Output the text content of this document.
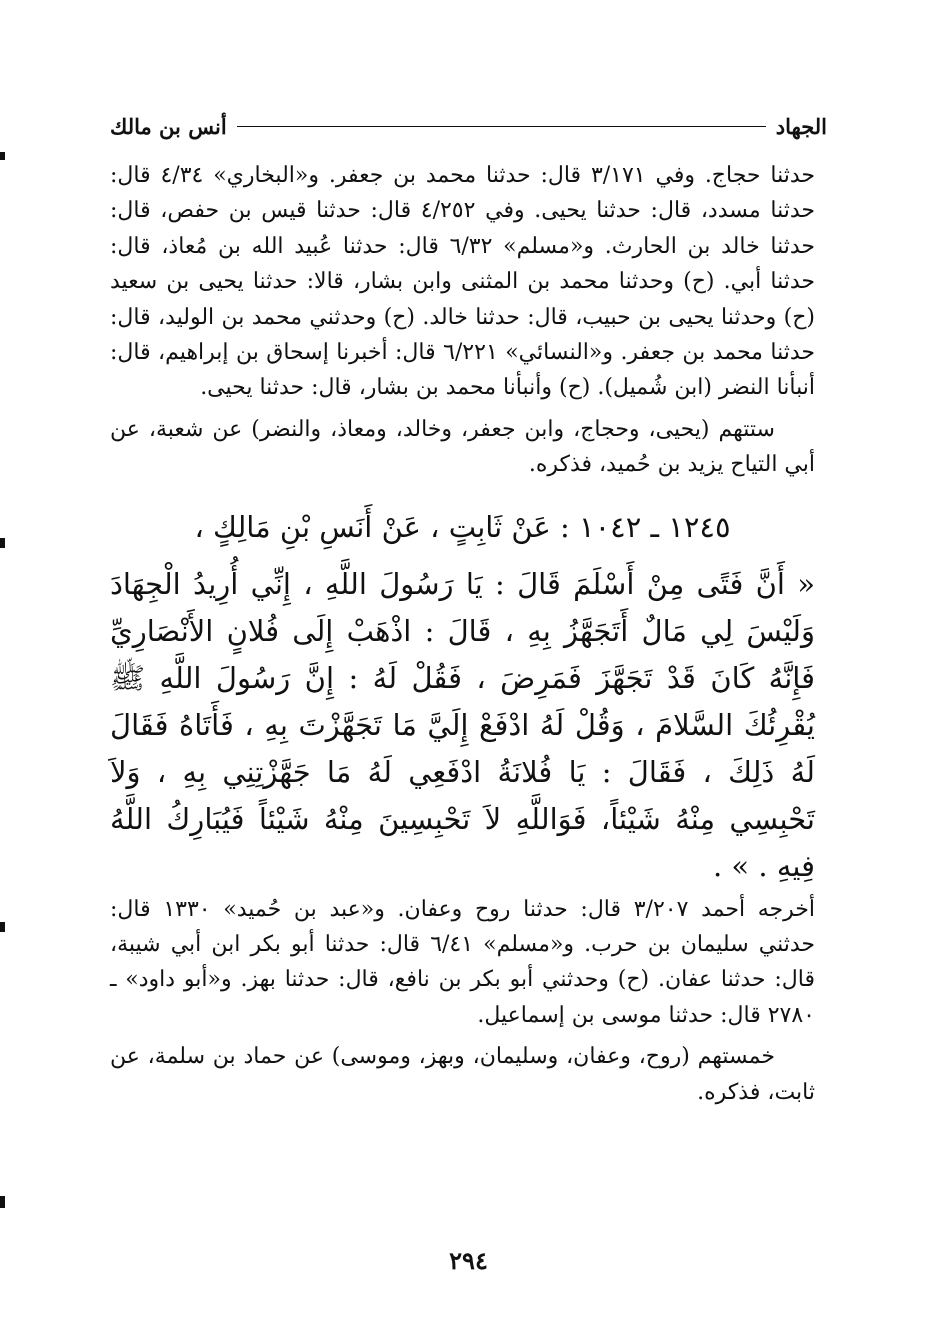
الجهاد
أنس بن مالك

حدثنا حجاج. وفي ٣/١٧١ قال: حدثنا محمد بن جعفر. و«البخاري» ٤/٣٤ قال: حدثنا مسدد، قال: حدثنا يحيى. وفي ٤/٢٥٢ قال: حدثنا قيس بن حفص، قال: حدثنا خالد بن الحارث. و«مسلم» ٦/٣٢ قال: حدثنا عُبيد الله بن مُعاذ، قال: حدثنا أبي. (ح) وحدثنا محمد بن المثنى وابن بشار، قالا: حدثنا يحيى بن سعيد (ح) وحدثنا يحيى بن حبيب، قال: حدثنا خالد. (ح) وحدثني محمد بن الوليد، قال: حدثنا محمد بن جعفر. و«النسائي» ٦/٢٢١ قال: أخبرنا إسحاق بن إبراهيم، قال: أنبأنا النضر (ابن شُميل). (ح) وأنبأنا محمد بن بشار، قال: حدثنا يحيى.

ستتهم (يحيى، وحجاج، وابن جعفر، وخالد، ومعاذ، والنضر) عن شعبة، عن أبي التياح يزيد بن حُميد، فذكره.

١٢٤٥ ـ ١٠٤٢ : عَنْ ثَابِتٍ ، عَنْ أَنَسِ بْنِ مَالِكٍ ،

« أَنَّ فَتًى مِنْ أَسْلَمَ قَالَ : يَا رَسُولَ اللَّهِ ، إِنِّي أُرِيدُ الْجِهَادَ وَلَيْسَ لِي مَالٌ أَتَجَهَّزُ بِهِ ، قَالَ : اذْهَبْ إِلَى فُلانٍ الأَنْصَارِيِّ فَإِنَّهُ كَانَ قَدْ تَجَهَّزَ فَمَرِضَ ، فَقُلْ لَهُ : إِنَّ رَسُولَ اللَّهِ ﷺ يُقْرِئُكَ السَّلامَ ، وَقُلْ لَهُ ادْفَعْ إِلَيَّ مَا تَجَهَّزْتَ بِهِ ، فَأَتَاهُ فَقَالَ لَهُ ذَلِكَ ، فَقَالَ : يَا فُلانَةُ ادْفَعِي لَهُ مَا جَهَّزْتِنِي بِهِ ، وَلاَ تَحْبِسِي مِنْهُ شَيْئاً، فَوَاللَّهِ لاَ تَحْبِسِينَ مِنْهُ شَيْئاً فَيُبَارِكُ اللَّهُ فِيهِ . » .

أخرجه أحمد ٣/٢٠٧ قال: حدثنا روح وعفان. و«عبد بن حُميد» ١٣٣٠ قال: حدثني سليمان بن حرب. و«مسلم» ٦/٤١ قال: حدثنا أبو بكر ابن أبي شيبة، قال: حدثنا عفان. (ح) وحدثني أبو بكر بن نافع، قال: حدثنا بهز. و«أبو داود» ـ ٢٧٨٠ قال: حدثنا موسى بن إسماعيل.

خمستهم (روح، وعفان، وسليمان، وبهز، وموسى) عن حماد بن سلمة، عن ثابت، فذكره.

٢٩٤
